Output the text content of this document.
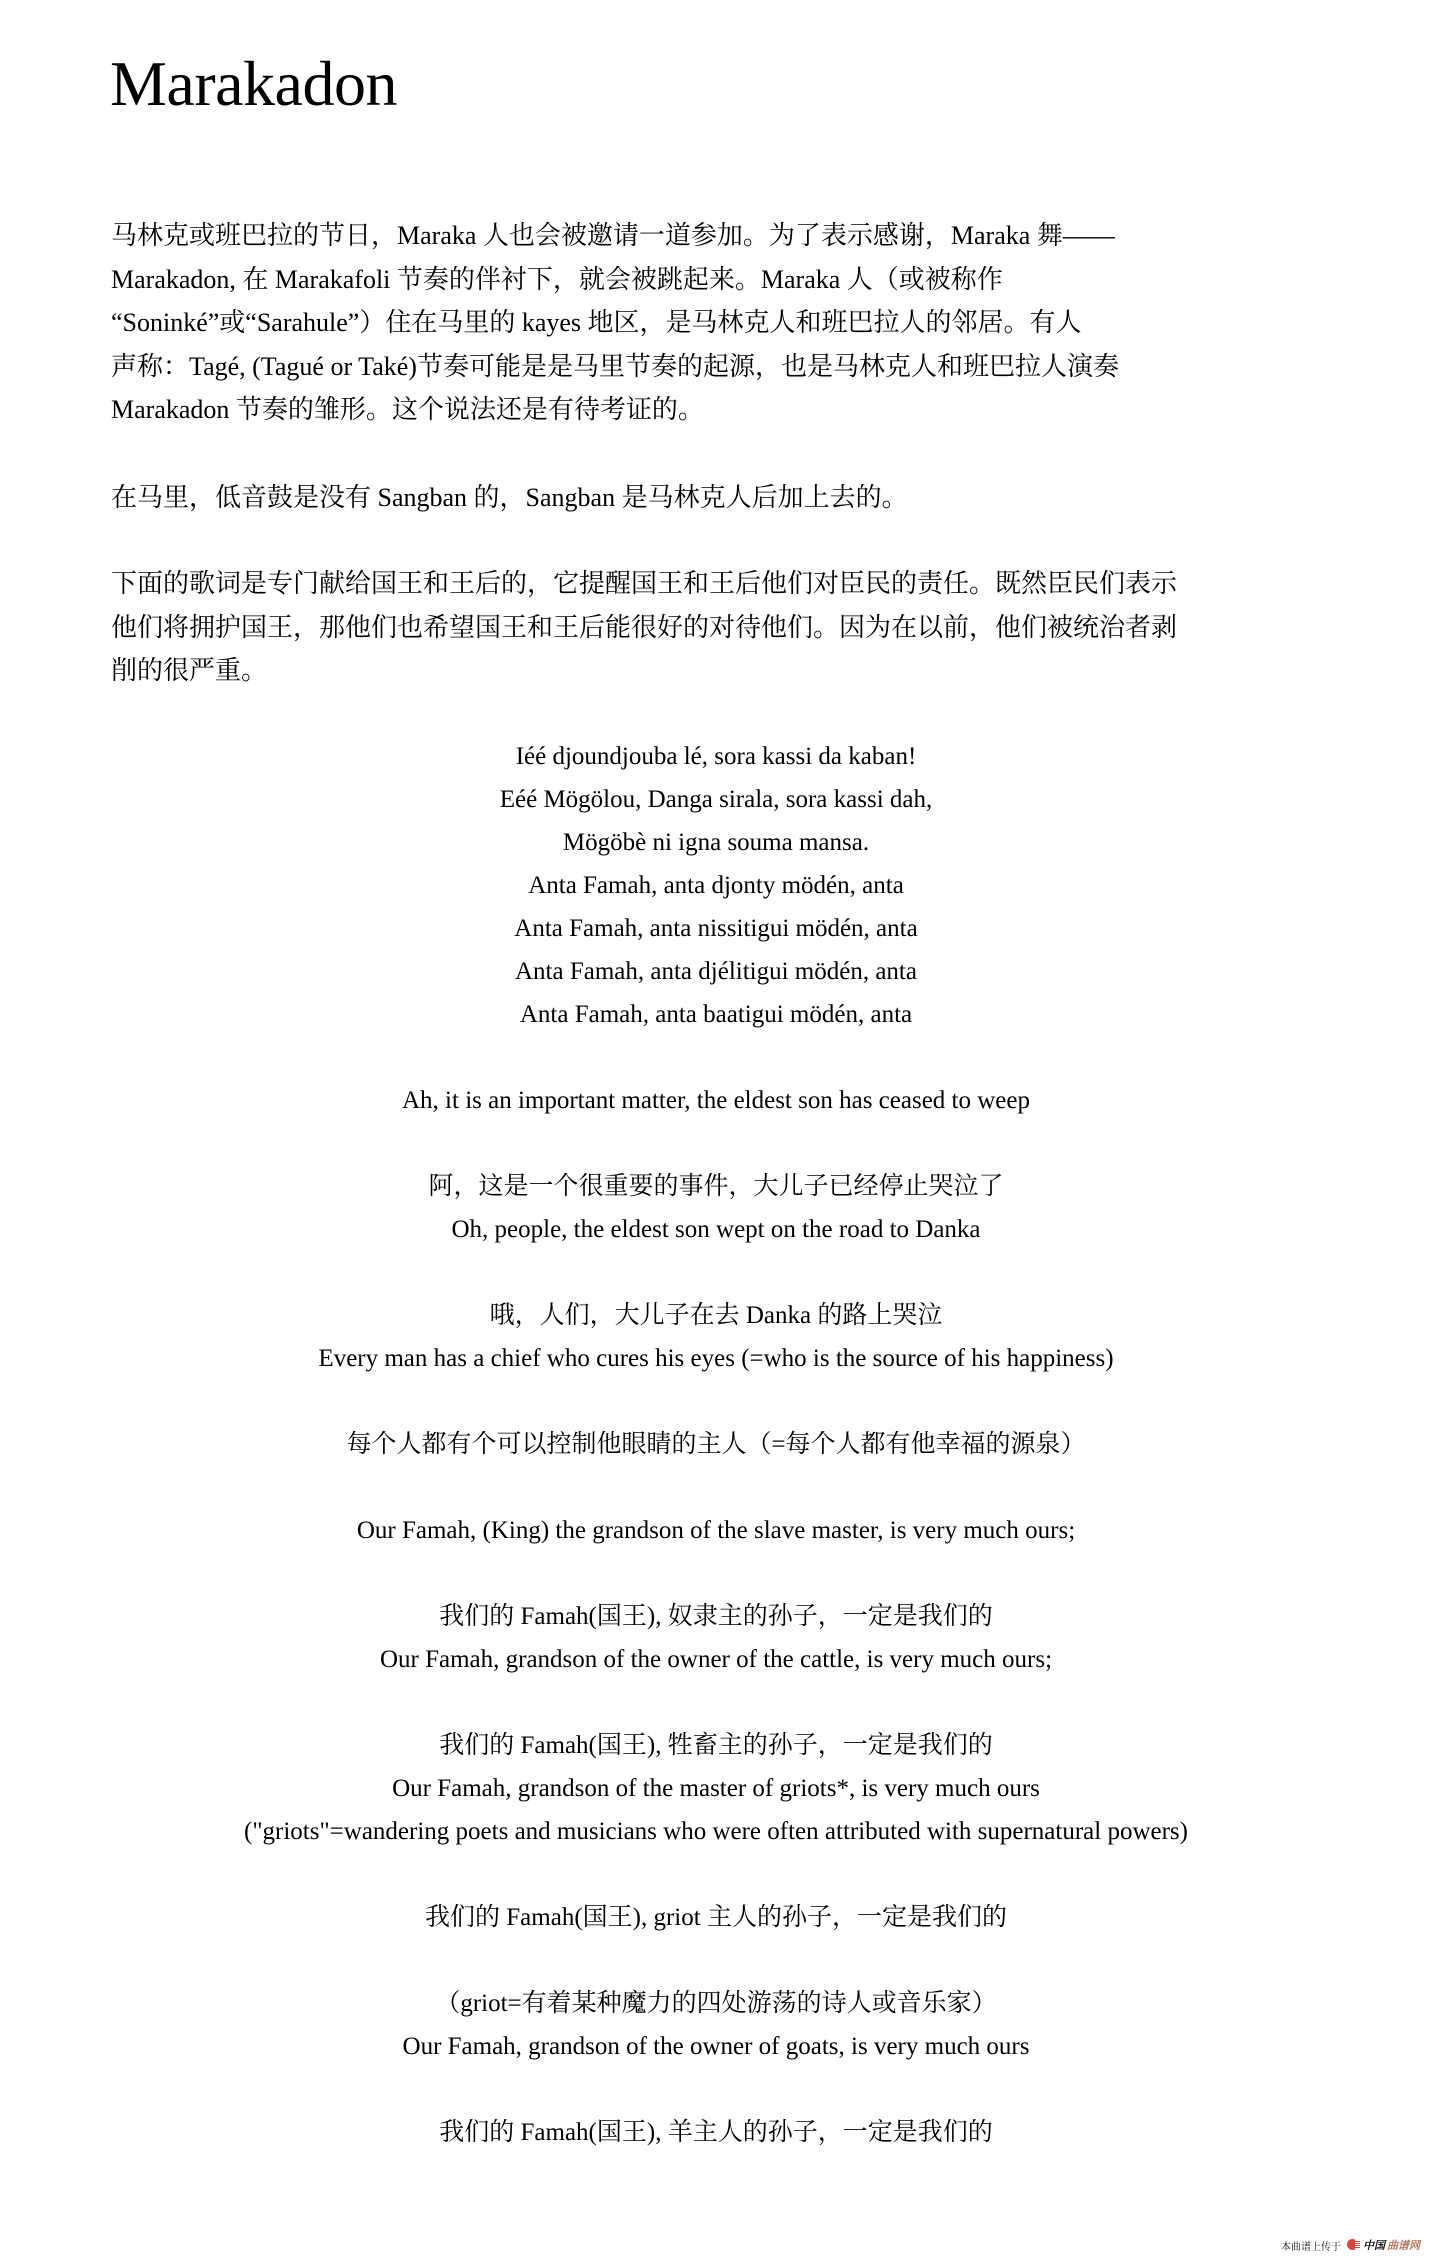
Marakadon
马林克或班巴拉的节日，Maraka 人也会被邀请一道参加。为了表示感谢，Maraka 舞——
Marakadon, 在 Marakafoli 节奏的伴衬下，就会被跳起来。Maraka 人（或被称作
“Soninké”或“Sarahule”）住在马里的 kayes 地区，是马林克人和班巴拉人的邻居。有人
声称：Tagé, (Tagué or Také)节奏可能是是马里节奏的起源，也是马林克人和班巴拉人演奏
Marakadon 节奏的雏形。这个说法还是有待考证的。
在马里，低音鼓是没有 Sangban 的，Sangban 是马林克人后加上去的。
下面的歌词是专门献给国王和王后的，它提醒国王和王后他们对臣民的责任。既然臣民们表示
他们将拥护国王，那他们也希望国王和王后能很好的对待他们。因为在以前，他们被统治者剥
削的很严重。
Iéé djoundjouba lé, sora kassi da kaban!
Eéé Mögölou, Danga sirala, sora kassi dah,
Mögöbè ni igna souma mansa.
Anta Famah, anta djonty mödén, anta
Anta Famah, anta nissitigui mödén, anta
Anta Famah, anta djélitigui mödén, anta
Anta Famah, anta baatigui mödén, anta
Ah, it is an important matter, the eldest son has ceased to weep
阿，这是一个很重要的事件，大儿子已经停止哭泣了
Oh, people, the eldest son wept on the road to Danka
哦，人们，大儿子在去 Danka 的路上哭泣
Every man has a chief who cures his eyes (=who is the source of his happiness)
每个人都有个可以控制他眼睛的主人（=每个人都有他幸福的源泉）
Our Famah, (King) the grandson of the slave master, is very much ours;
我们的 Famah(国王), 奴隶主的孙子，一定是我们的
Our Famah, grandson of the owner of the cattle, is very much ours;
我们的 Famah(国王), 牲畜主的孙子，一定是我们的
Our Famah, grandson of the master of griots*, is very much ours
("griots"=wandering poets and musicians who were often attributed with supernatural powers)
我们的 Famah(国王), griot 主人的孙子，一定是我们的
（griot=有着某种魔力的四处游荡的诗人或音乐家）
Our Famah, grandson of the owner of goats, is very much ours
我们的 Famah(国王), 羊主人的孙子，一定是我们的
本曲谱上传于 中国 曲谱网
